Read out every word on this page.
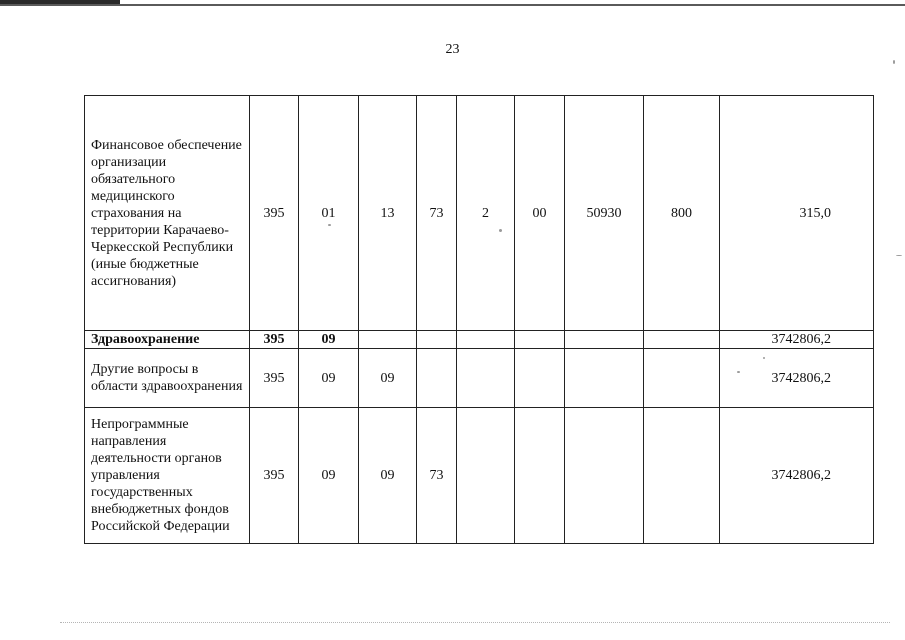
23
Финансовое обеспечение организации обязательного медицинского страхования на территории Карачаево-Черкесской Республики (иные бюджетные ассигнования)	395	01	13	73	2	00	50930	800	315,0
Здравоохранение	395	09							3742806,2
Другие вопросы в области здравоохранения	395	09	09						3742806,2
Непрограммные направления деятельности органов управления государственных внебюджетных фондов Российской Федерации	395	09	09	73					3742806,2
